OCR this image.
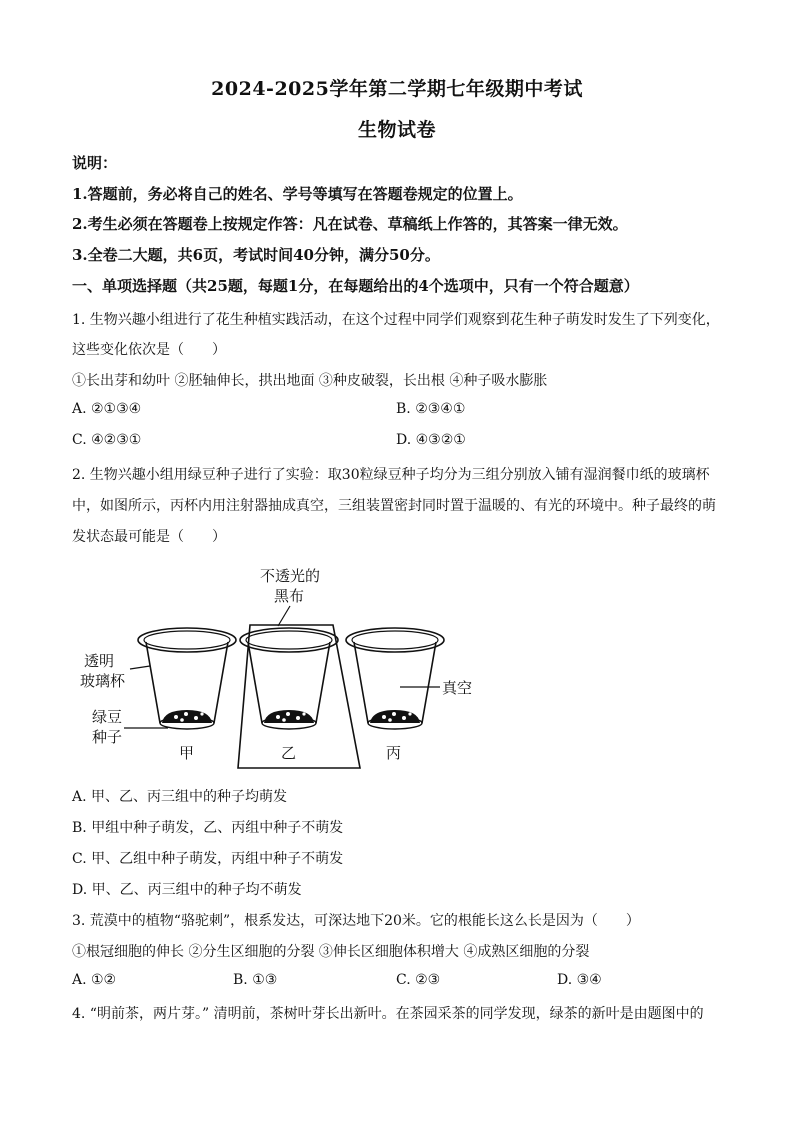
2024-2025学年第二学期七年级期中考试
生物试卷
说明：
1.答题前，务必将自己的姓名、学号等填写在答题卷规定的位置上。
2.考生必须在答题卷上按规定作答：凡在试卷、草稿纸上作答的，其答案一律无效。
3.全卷二大题，共6页，考试时间40分钟，满分50分。
一、单项选择题（共25题，每题1分，在每题给出的4个选项中，只有一个符合题意）
1. 生物兴趣小组进行了花生种植实践活动，在这个过程中同学们观察到花生种子萌发时发生了下列变化，
这些变化依次是（　　）
①长出芽和幼叶 ②胚轴伸长，拱出地面 ③种皮破裂，长出根 ④种子吸水膨胀
A. ②①③④	B. ②③④①
C. ④②③①	D. ④③②①
2. 生物兴趣小组用绿豆种子进行了实验：取30粒绿豆种子均分为三组分别放入铺有湿润餐巾纸的玻璃杯
中，如图所示，丙杯内用注射器抽成真空，三组装置密封同时置于温暖的、有光的环境中。种子最终的萌
发状态最可能是（　　）
不透光的
黑布
透明
玻璃杯
绿豆
种子
真空
甲	乙	丙
A. 甲、乙、丙三组中的种子均萌发
B. 甲组中种子萌发，乙、丙组中种子不萌发
C. 甲、乙组中种子萌发，丙组中种子不萌发
D. 甲、乙、丙三组中的种子均不萌发
3. 荒漠中的植物“骆驼刺”，根系发达，可深达地下20米。它的根能长这么长是因为（　　）
①根冠细胞的伸长 ②分生区细胞的分裂 ③伸长区细胞体积增大 ④成熟区细胞的分裂
A. ①②	B. ①③	C. ②③	D. ③④
4. “明前茶，两片芽。” 清明前，茶树叶芽长出新叶。在茶园采茶的同学发现，绿茶的新叶是由题图中的
